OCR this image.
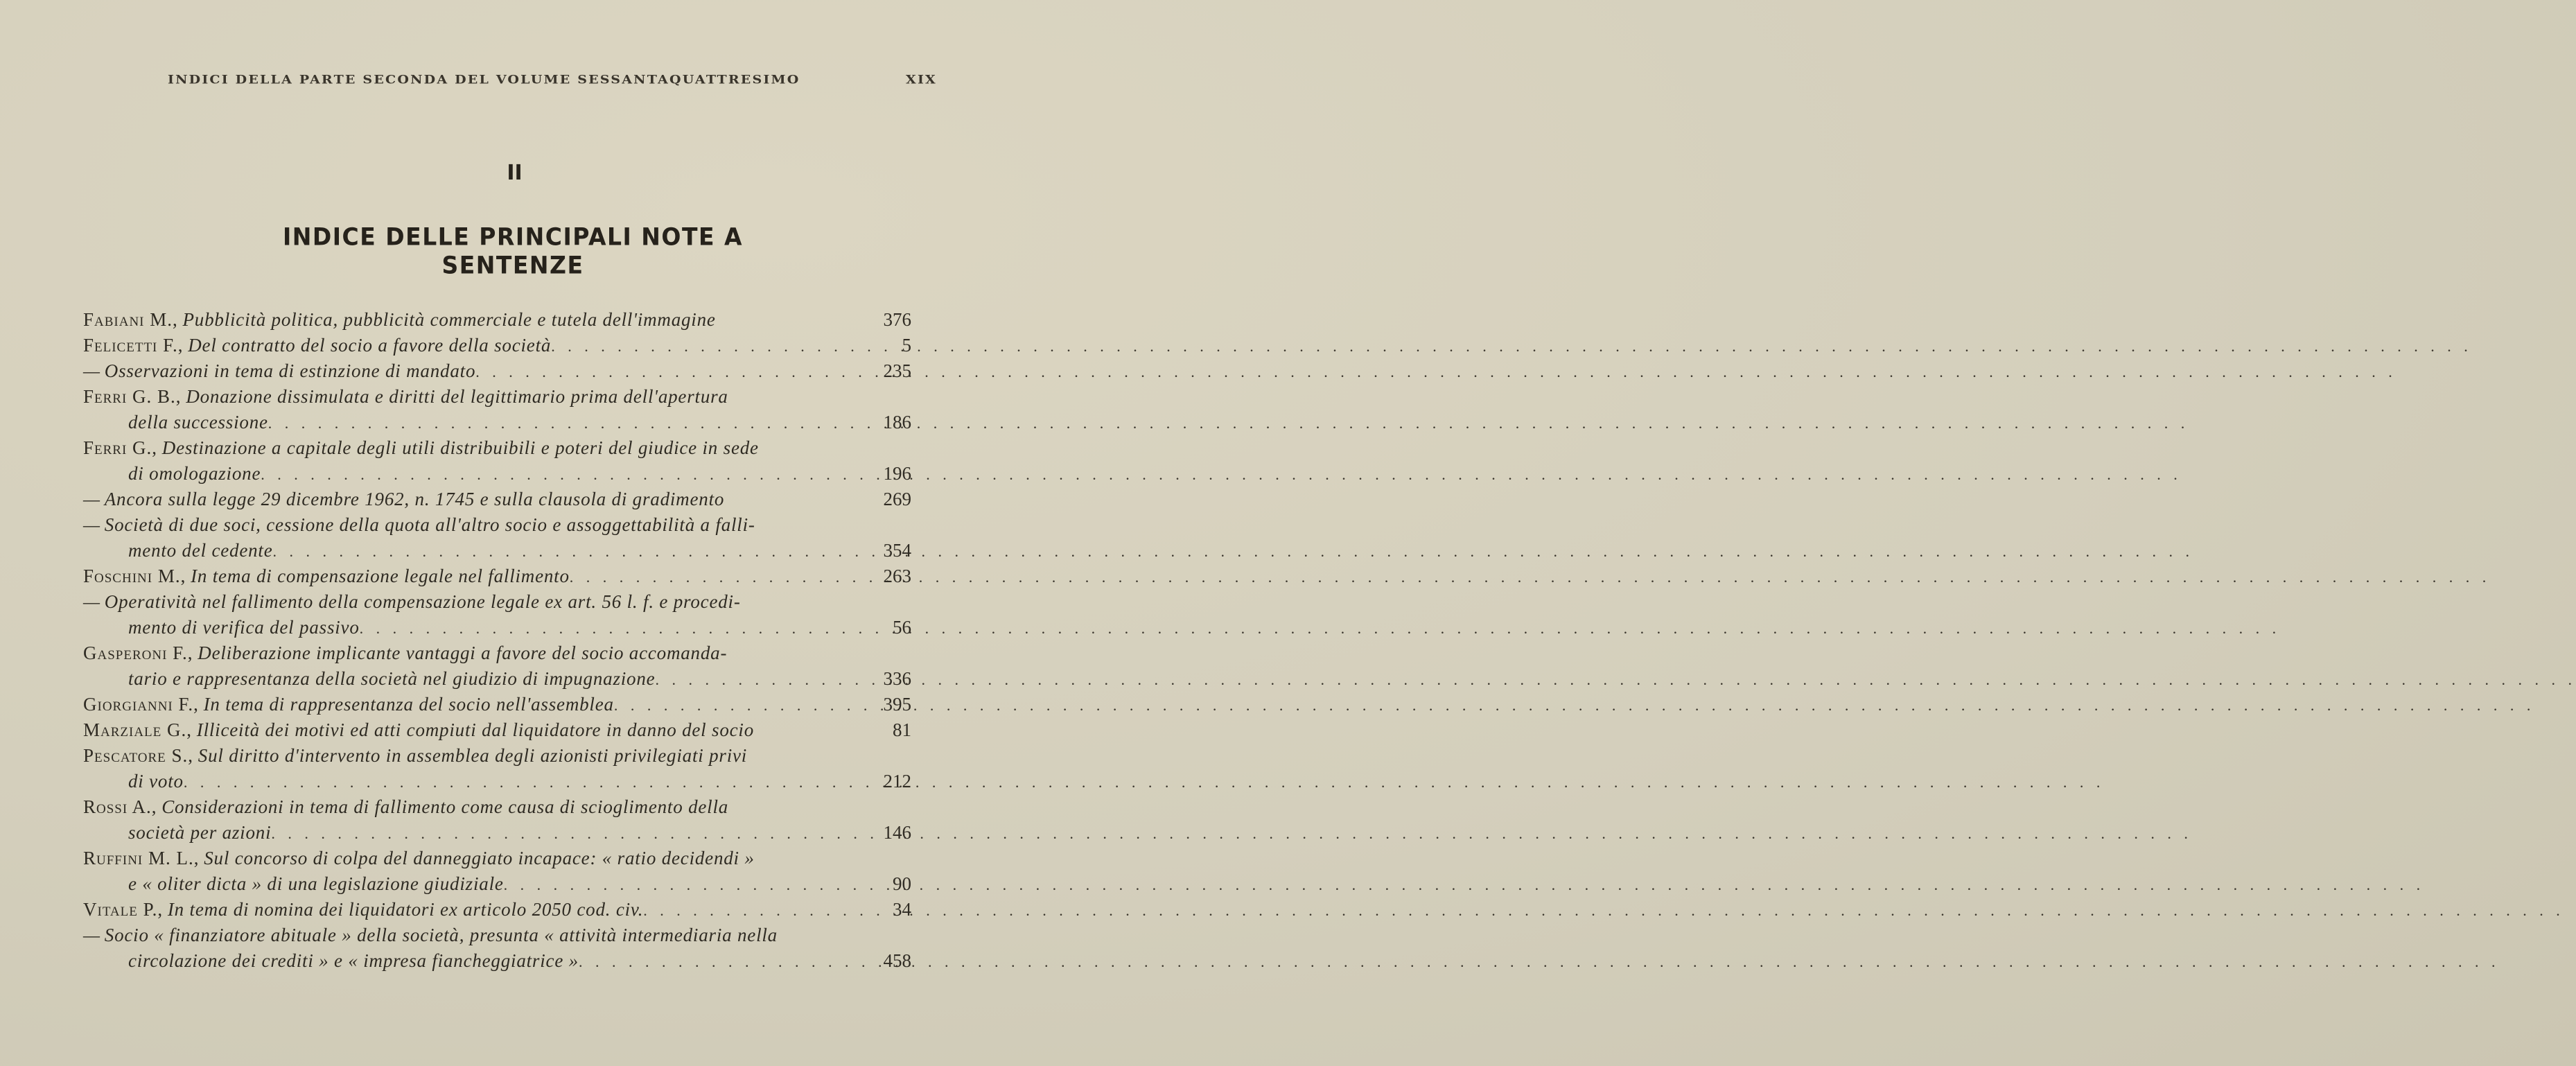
INDICI DELLA PARTE SECONDA DEL VOLUME SESSANTAQUATTRESIMO	XIX
II
INDICE DELLE PRINCIPALI NOTE A SENTENZE
Fabiani M., Pubblicità politica, pubblicità commerciale e tutela dell'immagine	376
Felicetti F., Del contratto del socio a favore della società . . .	5
— Osservazioni in tema di estinzione di mandato . . .	235
Ferri G. B., Donazione dissimulata e diritti del legittimario prima dell'apertura
della successione . . .	186
Ferri G., Destinazione a capitale degli utili distribuibili e poteri del giudice in sede
di omologazione . . .	196
— Ancora sulla legge 29 dicembre 1962, n. 1745 e sulla clausola di gradimento	269
— Società di due soci, cessione della quota all'altro socio e assoggettabilità a falli-
mento del cedente . . .	354
Foschini M., In tema di compensazione legale nel fallimento . . .	263
— Operatività nel fallimento della compensazione legale ex art. 56 l. f. e procedi-
mento di verifica del passivo . . .	56
Gasperoni F., Deliberazione implicante vantaggi a favore del socio accomanda-
tario e rappresentanza della società nel giudizio di impugnazione . . .	336
Giorgianni F., In tema di rappresentanza del socio nell'assemblea . . .	395
Marziale G., Illiceità dei motivi ed atti compiuti dal liquidatore in danno del socio	81
Pescatore S., Sul diritto d'intervento in assemblea degli azionisti privilegiati privi
di voto . . .	212
Rossi A., Considerazioni in tema di fallimento come causa di scioglimento della
società per azioni . . .	146
Ruffini M. L., Sul concorso di colpa del danneggiato incapace: « ratio decidendi »
e « oliter dicta » di una legislazione giudiziale . . .	90
Vitale P., In tema di nomina dei liquidatori ex articolo 2050 cod. civ. . . .	34
— Socio « finanziatore abituale » della società, presunta « attività intermediaria nella
circolazione dei crediti » e « impresa fiancheggiatrice » . . .	458
